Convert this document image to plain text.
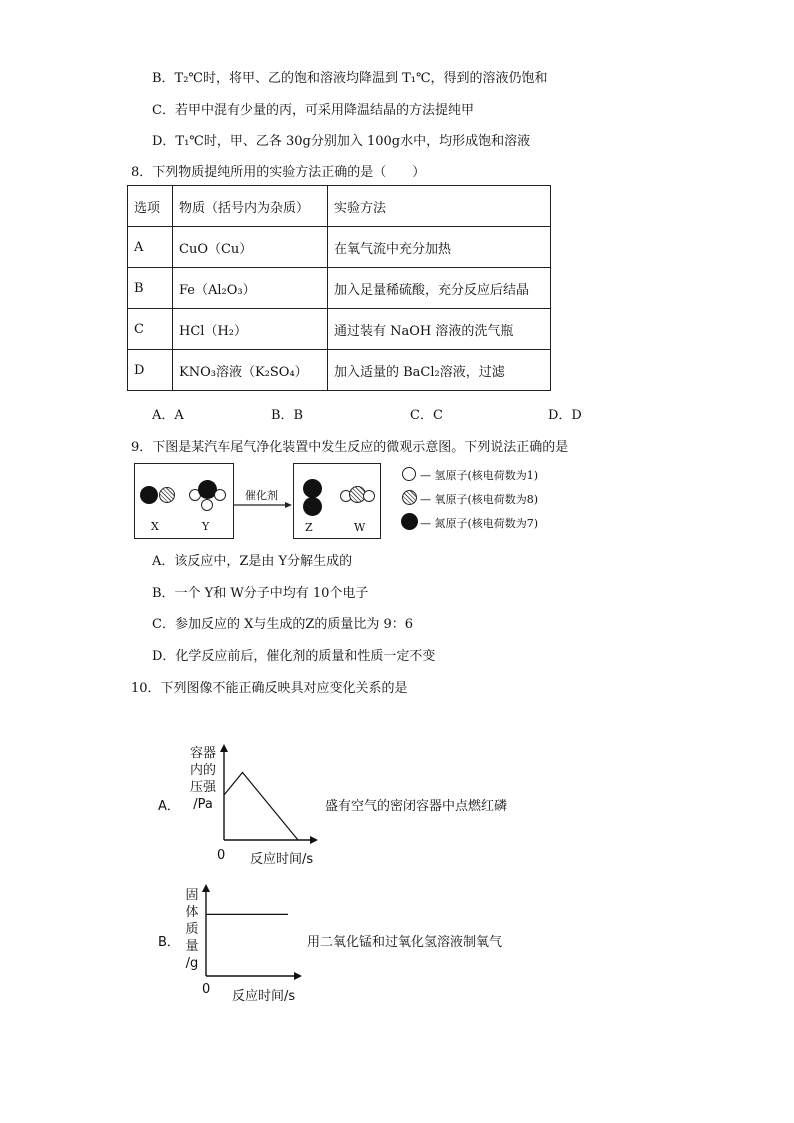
B．T₂℃时，将甲、乙的饱和溶液均降温到 T₁℃，得到的溶液仍饱和
C．若甲中混有少量的丙，可采用降温结晶的方法提纯甲
D．T₁℃时，甲、乙各 30g分别加入 100g水中，均形成饱和溶液
8．下列物质提纯所用的实验方法正确的是（　　）
选项	物质（括号内为杂质）	实验方法
A	CuO（Cu）	在氧气流中充分加热
B	Fe（Al₂O₃）	加入足量稀硫酸，充分反应后结晶
C	HCl（H₂）	通过装有 NaOH 溶液的洗气瓶
D	KNO₃溶液（K₂SO₄）	加入适量的 BaCl₂溶液，过滤
A．A	B．B	C．C	D．D
9．下图是某汽车尾气净化装置中发生反应的微观示意图。下列说法正确的是
X	Y
催化剂
Z	W
— 氢原子(核电荷数为1)
— 氧原子(核电荷数为8)
— 氮原子(核电荷数为7)
A．该反应中，Z是由 Y分解生成的
B．一个 Y和 W分子中均有 10个电子
C．参加反应的 X与生成的Z的质量比为 9：6
D．化学反应前后，催化剂的质量和性质一定不变
10．下列图像不能正确反映具对应变化关系的是
A．
容器
内的
压强
/Pa
0 反应时间/s
盛有空气的密闭容器中点燃红磷
B．
固
体
质
量
/g
0 反应时间/s
用二氧化锰和过氧化氢溶液制氧气
